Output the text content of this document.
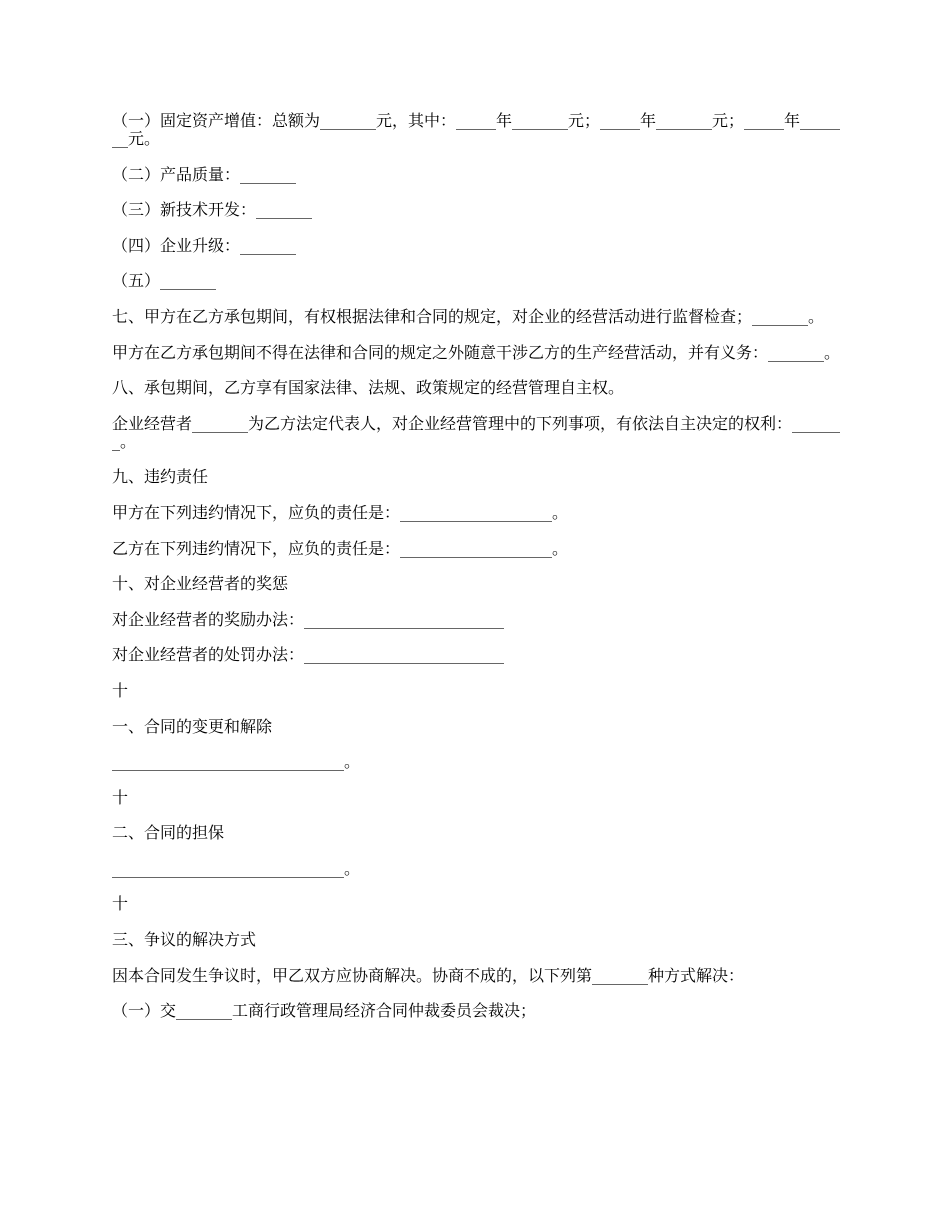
（一）固定资产增值：总额为_______元，其中：_____年_______元；_____年_______元；_____年_______元。

（二）产品质量：_______

（三）新技术开发：_______

（四）企业升级：_______

（五）_______

七、甲方在乙方承包期间，有权根据法律和合同的规定，对企业的经营活动进行监督检查；_______。

甲方在乙方承包期间不得在法律和合同的规定之外随意干涉乙方的生产经营活动，并有义务：_______。

八、承包期间，乙方享有国家法律、法规、政策规定的经营管理自主权。

企业经营者_______为乙方法定代表人，对企业经营管理中的下列事项，有依法自主决定的权利：_______。

九、违约责任

甲方在下列违约情况下，应负的责任是：___________________。

乙方在下列违约情况下，应负的责任是：___________________。

十、对企业经营者的奖惩

对企业经营者的奖励办法：_________________________

对企业经营者的处罚办法：_________________________

十

一、合同的变更和解除

_____________________________。

十

二、合同的担保

_____________________________。

十

三、争议的解决方式

因本合同发生争议时，甲乙双方应协商解决。协商不成的，以下列第_______种方式解决：

（一）交_______工商行政管理局经济合同仲裁委员会裁决；
